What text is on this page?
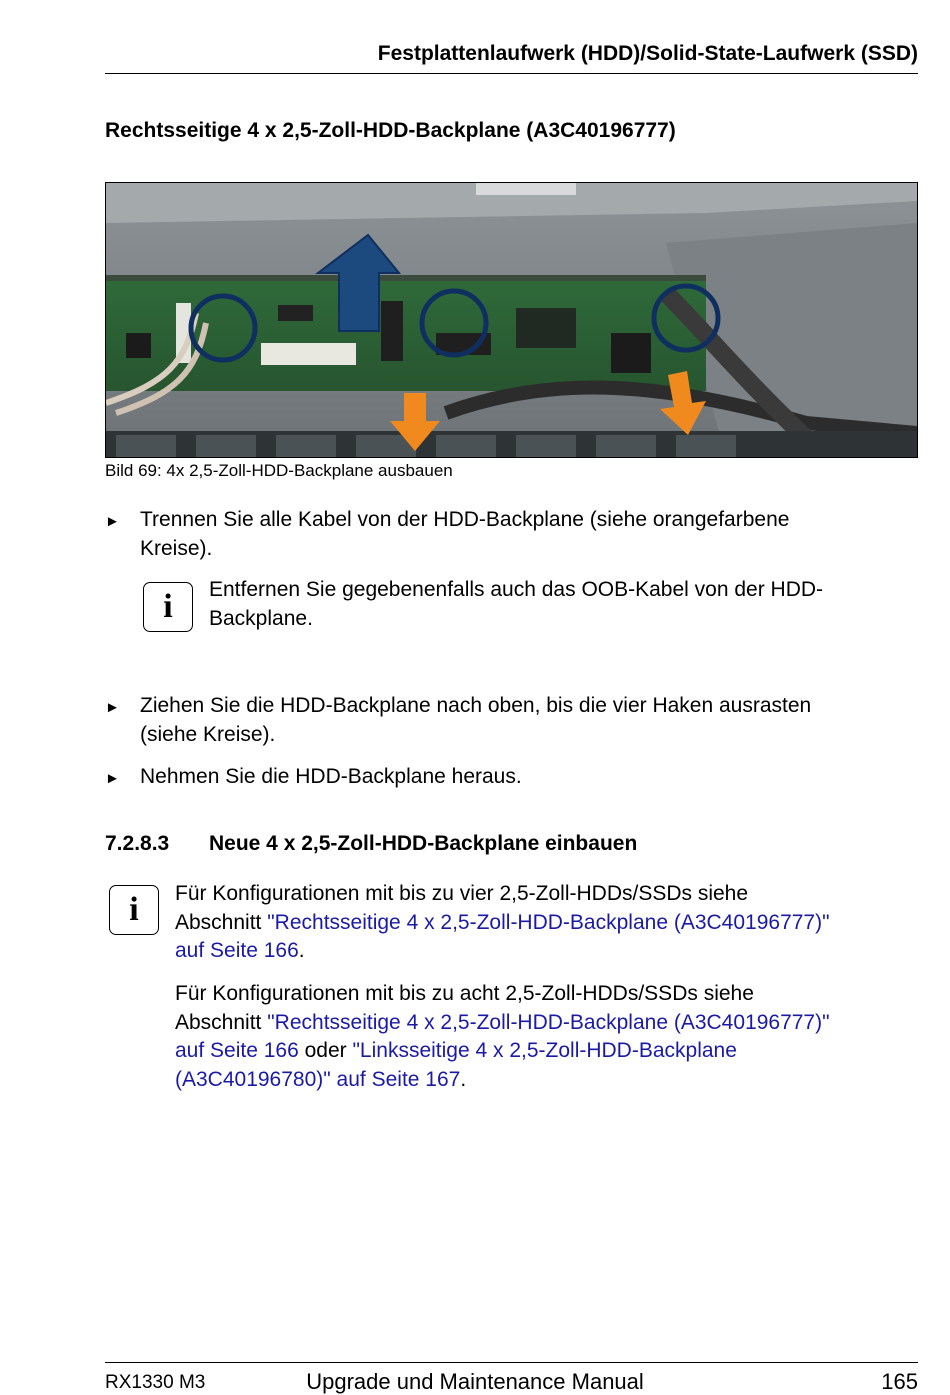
Festplattenlaufwerk (HDD)/Solid-State-Laufwerk (SSD)
Rechtsseitige 4 x 2,5-Zoll-HDD-Backplane (A3C40196777)
Bild 69: 4x 2,5-Zoll-HDD-Backplane ausbauen
► Trennen Sie alle Kabel von der HDD-Backplane (siehe orangefarbene
Kreise).
i	Entfernen Sie gegebenenfalls auch das OOB-Kabel von der HDD-
Backplane.
► Ziehen Sie die HDD-Backplane nach oben, bis die vier Haken ausrasten
(siehe Kreise).
► Nehmen Sie die HDD-Backplane heraus.
7.2.8.3 Neue 4 x 2,5-Zoll-HDD-Backplane einbauen
i	Für Konfigurationen mit bis zu vier 2,5-Zoll-HDDs/SSDs siehe
Abschnitt "Rechtsseitige 4 x 2,5-Zoll-HDD-Backplane (A3C40196777)"
auf Seite 166.
Für Konfigurationen mit bis zu acht 2,5-Zoll-HDDs/SSDs siehe
Abschnitt "Rechtsseitige 4 x 2,5-Zoll-HDD-Backplane (A3C40196777)"
auf Seite 166 oder "Linksseitige 4 x 2,5-Zoll-HDD-Backplane
(A3C40196780)" auf Seite 167.
Upgrade und Maintenance Manual
RX1330 M3	165
